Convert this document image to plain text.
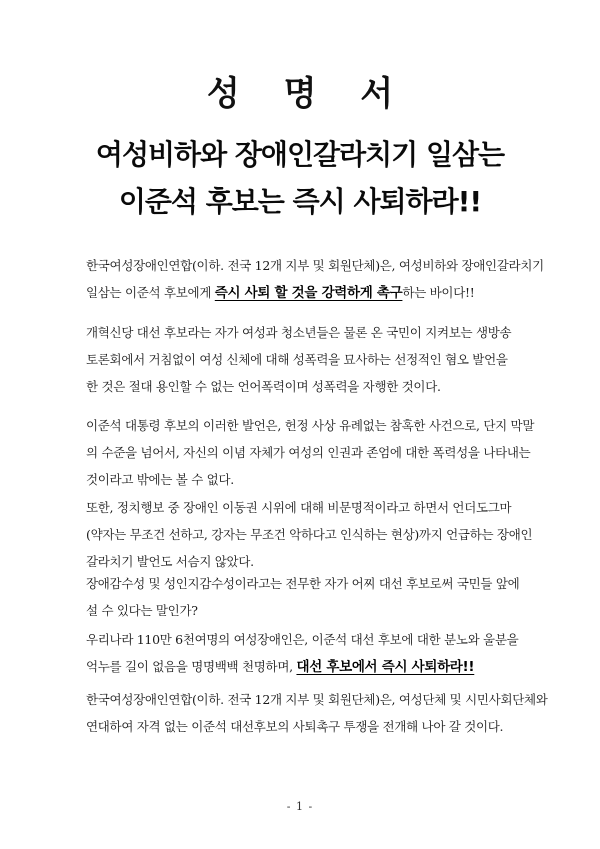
성 명 서
여성비하와 장애인갈라치기 일삼는
이준석 후보는 즉시 사퇴하라!!
한국여성장애인연합(이하. 전국 12개 지부 및 회원단체)은, 여성비하와 장애인갈라치기
일삼는 이준석 후보에게 즉시 사퇴 할 것을 강력하게 촉구하는 바이다!!
개혁신당 대선 후보라는 자가 여성과 청소년들은 물론 온 국민이 지켜보는 생방송
토론회에서 거침없이 여성 신체에 대해 성폭력을 묘사하는 선정적인 혐오 발언을
한 것은 절대 용인할 수 없는 언어폭력이며 성폭력을 자행한 것이다.
이준석 대통령 후보의 이러한 발언은, 헌정 사상 유례없는 참혹한 사건으로, 단지 막말
의 수준을 넘어서, 자신의 이념 자체가 여성의 인권과 존엄에 대한 폭력성을 나타내는
것이라고 밖에는 볼 수 없다.
또한, 정치행보 중 장애인 이동권 시위에 대해 비문명적이라고 하면서 언더도그마
(약자는 무조건 선하고, 강자는 무조건 악하다고 인식하는 현상)까지 언급하는 장애인
갈라치기 발언도 서슴지 않았다.
장애감수성 및 성인지감수성이라고는 전무한 자가 어찌 대선 후보로써 국민들 앞에
설 수 있다는 말인가?
우리나라 110만 6천여명의 여성장애인은, 이준석 대선 후보에 대한 분노와 울분을
억누를 길이 없음을 명명백백 천명하며, 대선 후보에서 즉시 사퇴하라!!
한국여성장애인연합(이하. 전국 12개 지부 및 회원단체)은, 여성단체 및 시민사회단체와
연대하여 자격 없는 이준석 대선후보의 사퇴촉구 투쟁을 전개해 나아 갈 것이다.
- 1 -
